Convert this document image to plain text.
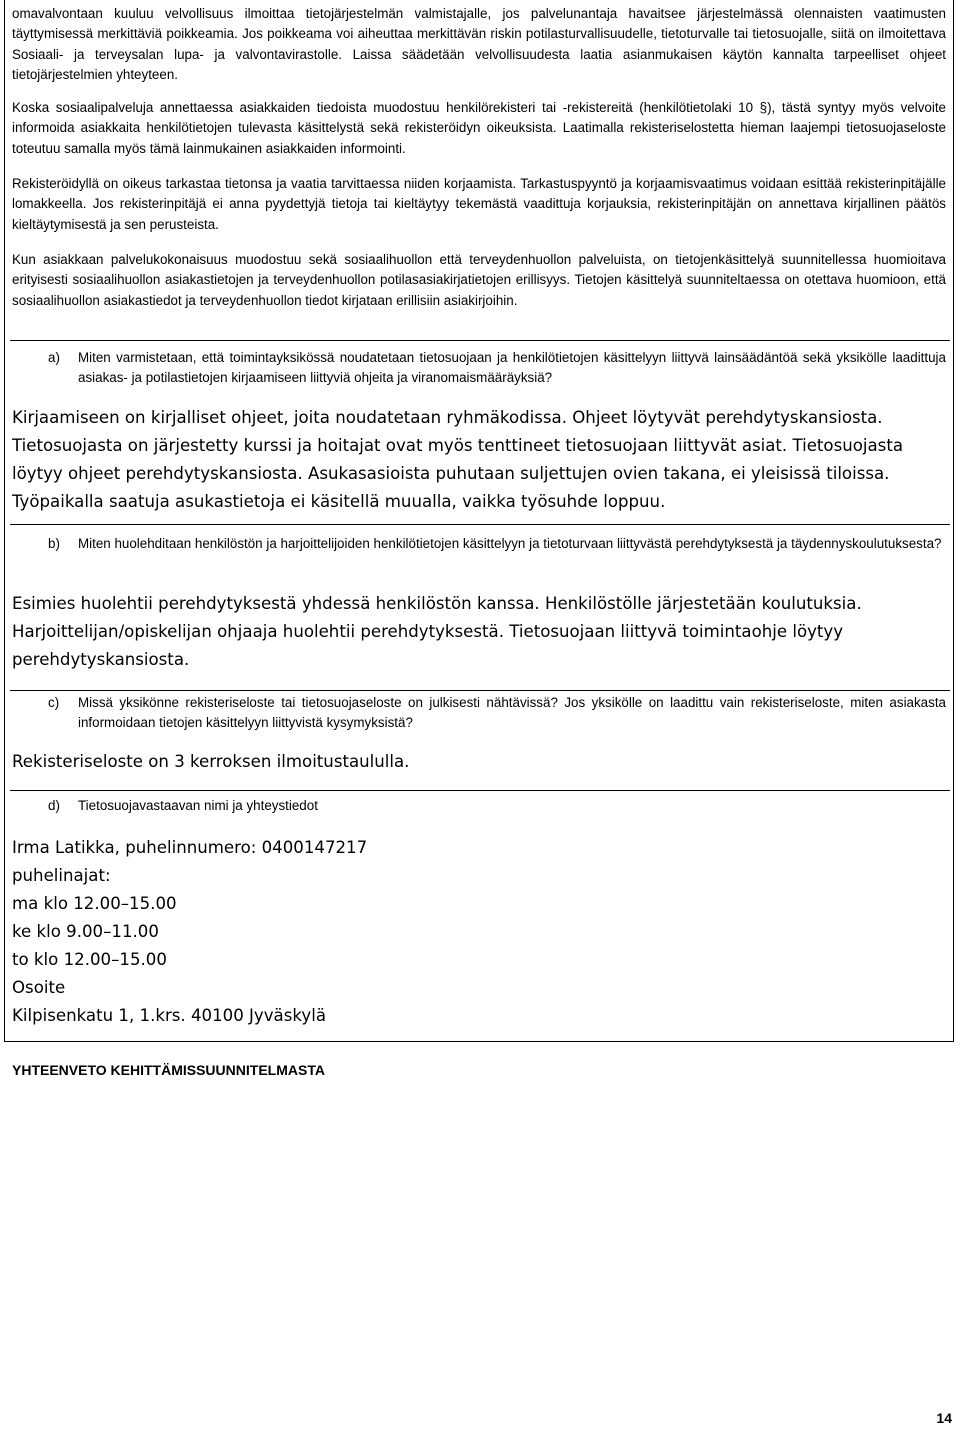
omavalvontaan kuuluu velvollisuus ilmoittaa tietojärjestelmän valmistajalle, jos palvelunantaja havaitsee järjestelmässä olennaisten vaatimusten täyttymisessä merkittäviä poikkeamia. Jos poikkeama voi aiheuttaa merkittävän riskin potilasturvallisuudelle, tietoturvalle tai tietosuojalle, siitä on ilmoitettava Sosiaali- ja terveysalan lupa- ja valvontavirastolle. Laissa säädetään velvollisuudesta laatia asianmukaisen käytön kannalta tarpeelliset ohjeet tietojärjestelmien yhteyteen.

Koska sosiaalipalveluja annettaessa asiakkaiden tiedoista muodostuu henkilörekisteri tai -rekistereitä (henkilötietolaki 10 §), tästä syntyy myös velvoite informoida asiakkaita henkilötietojen tulevasta käsittelystä sekä rekisteröidyn oikeuksista. Laatimalla rekisteriselostetta hieman laajempi tietosuojaseloste toteutuu samalla myös tämä lainmukainen asiakkaiden informointi.

Rekisteröidyllä on oikeus tarkastaa tietonsa ja vaatia tarvittaessa niiden korjaamista. Tarkastuspyyntö ja korjaamisvaatimus voidaan esittää rekisterinpitäjälle lomakkeella. Jos rekisterinpitäjä ei anna pyydettyjä tietoja tai kieltäytyy tekemästä vaadittuja korjauksia, rekisterinpitäjän on annettava kirjallinen päätös kieltäytymisestä ja sen perusteista.

Kun asiakkaan palvelukokonaisuus muodostuu sekä sosiaalihuollon että terveydenhuollon palveluista, on tietojenkäsittelyä suunnitellessa huomioitava erityisesti sosiaalihuollon asiakastietojen ja terveydenhuollon potilasasiakirjatietojen erillisyys. Tietojen käsittelyä suunniteltaessa on otettava huomioon, että sosiaalihuollon asiakastiedot ja terveydenhuollon tiedot kirjataan erillisiin asiakirjoihin.

a)	Miten varmistetaan, että toimintayksikössä noudatetaan tietosuojaan ja henkilötietojen käsittelyyn liittyvä lainsäädäntöä sekä yksikölle laadittuja asiakas- ja potilastietojen kirjaamiseen liittyviä ohjeita ja viranomaismääräyksiä?

Kirjaamiseen on kirjalliset ohjeet, joita noudatetaan ryhmäkodissa. Ohjeet löytyvät perehdytyskansiosta. Tietosuojasta on järjestetty kurssi ja hoitajat ovat myös tenttineet tietosuojaan liittyvät asiat. Tietosuojasta löytyy ohjeet perehdytyskansiosta. Asukasasioista puhutaan suljettujen ovien takana, ei yleisissä tiloissa. Työpaikalla saatuja asukastietoja ei käsitellä muualla, vaikka työsuhde loppuu.

b)	Miten huolehditaan henkilöstön ja harjoittelijoiden henkilötietojen käsittelyyn ja tietoturvaan liittyvästä perehdytyksestä ja täydennyskoulutuksesta?

Esimies huolehtii perehdytyksestä yhdessä henkilöstön kanssa. Henkilöstölle järjestetään koulutuksia. Harjoittelijan/opiskelijan ohjaaja huolehtii perehdytyksestä. Tietosuojaan liittyvä toimintaohje löytyy perehdytyskansiosta.

c)	Missä yksikönne rekisteriseloste tai tietosuojaseloste on julkisesti nähtävissä? Jos yksikölle on laadittu vain rekisteriseloste, miten asiakasta informoidaan tietojen käsittelyyn liittyvistä kysymyksistä?

Rekisteriseloste on 3 kerroksen ilmoitustaululla.

d)	Tietosuojavastaavan nimi ja yhteystiedot
Irma Latikka, puhelinnumero: 0400147217
puhelinajat:
ma klo 12.00–15.00
ke klo 9.00–11.00
to klo 12.00–15.00
Osoite
Kilpisenkatu 1, 1.krs. 40100 Jyväskylä
YHTEENVETO KEHITTÄMISSUUNNITELMASTA
14
